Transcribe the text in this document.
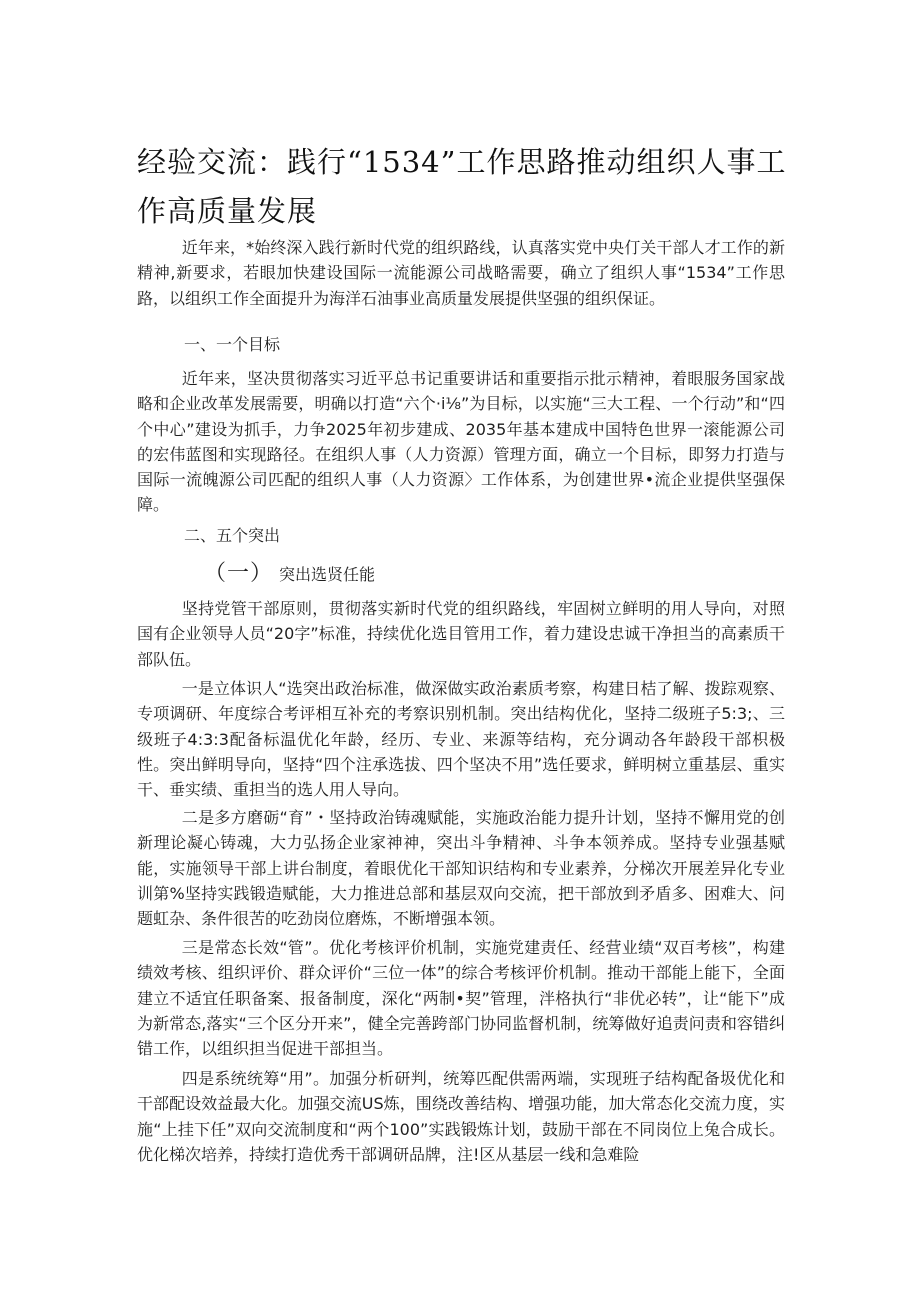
经验交流：践行“1534”工作思路推动组织人事工作高质量发展
近年来，*始终深入践行新时代党的组织路线，认真落实党中央仃关干部人才工作的新精神,新要求，若眼加快建设国际一流能源公司战略需要，确立了组织人事“1534”工作思路，以组织工作全面提升为海洋石油事业高质量发展提供坚强的组织保证。
一、一个目标
近年来，坚决贯彻落实习近平总书记重要讲话和重要指示批示精神，着眼服务国家战略和企业改革发展需要，明确以打造“六个·i⅛”为目标，以实施“三大工程、一个行动”和“四个中心”建设为抓手，力争2025年初步建成、2035年基本建成中国特色世界一滚能源公司的宏伟蓝图和实现路径。在组织人事（人力资源）管理方面，确立一个目标，即努力打造与国际一流魄源公司匹配的组织人事（人力资源〉工作体系，为创建世界•流企业提供坚强保障。
二、五个突出
（一） 突出选贤任能
坚持党管干部原则，贯彻落实新时代党的组织路线，牢固树立鲜明的用人导向，对照国有企业领导人员“20字”标准，持续优化选目管用工作，着力建设忠诚干净担当的高素质干部队伍。
一是立体识人“选突出政治标准，做深做实政治素质考察，构建日桔了解、拨踪观察、专项调研、年度综合考评相互补充的考察识别机制。突出结构优化，坚持二级班子5:3;、三级班子4:3:3配备标温优化年龄，经历、专业、来源等结构，充分调动各年龄段干部枳极性。突出鲜明导向，坚持“四个注承选拔、四个坚决不用”选任要求，鲜明树立重基层、重实干、垂实绩、重担当的选人用人导向。
二是多方磨砺“育”・坚持政治铸魂赋能，实施政治能力提升计划，坚持不懈用党的创新理论凝心铸魂，大力弘扬企业家神神，突出斗争精神、斗争本领养成。坚持专业强基赋能，实施领导干部上讲台制度，着眼优化干部知识结构和专业素养，分梯次开展差异化专业训第%坚持实践锻造赋能，大力推进总部和基层双向交流，把干部放到矛盾多、困难大、问题虹杂、条件很苦的吃劲岗位磨炼，不断增强本领。
三是常态长效“管”。优化考核评价机制，实施党建责任、经营业绩“双百考核”，构建绩效考核、组织评价、群众评价“三位一体”的综合考核评价机制。推动干部能上能下，全面建立不适宜任职备案、报备制度，深化“两制•契”管理，泮格执行“非优必转”，让“能下”成为新常态,落实“三个区分开来”，健全完善跨部门协同监督机制，统筹做好追责问责和容错纠错工作，以组织担当促进干部担当。
四是系统统筹“用”。加强分析研判，统筹匹配供需两端，实现班子结构配备圾优化和干部配设效益最大化。加强交流US炼，围绕改善结构、增强功能，加大常态化交流力度，实施“上挂下任”双向交流制度和“两个100”实践锻炼计划，鼓励干部在不同岗位上兔合成长。优化梯次培养，持续打造优秀干部调研品牌，注!区从基层一线和急难险
